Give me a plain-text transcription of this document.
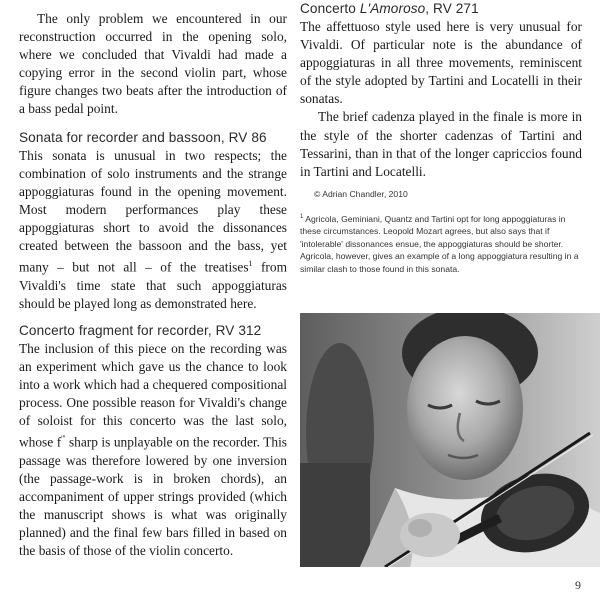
The only problem we encountered in our reconstruction occurred in the opening solo, where we concluded that Vivaldi had made a copying error in the second violin part, whose figure changes two beats after the introduction of a bass pedal point.

Sonata for recorder and bassoon, RV 86

This sonata is unusual in two respects; the combination of solo instruments and the strange appoggiaturas found in the opening movement. Most modern performances play these appoggiaturas short to avoid the dissonances created between the bassoon and the bass, yet many – but not all – of the treatises$^1$ from Vivaldi's time state that such appoggiaturas should be played long as demonstrated here.

Concerto fragment for recorder, RV 312

The inclusion of this piece on the recording was an experiment which gave us the chance to look into a work which had a chequered compositional process. One possible reason for Vivaldi's change of soloist for this concerto was the last solo, whose f''' sharp is unplayable on the recorder. This passage was therefore lowered by one inversion (the passage-work is in broken chords), an accompaniment of upper strings provided (which the manuscript shows is what was originally planned) and the final few bars filled in based on the basis of those of the violin concerto.

Concerto L'Amoroso, RV 271

The affettuoso style used here is very unusual for Vivaldi. Of particular note is the abundance of appoggiaturas in all three movements, reminiscent of the style adopted by Tartini and Locatelli in their sonatas.

The brief cadenza played in the finale is more in the style of the shorter cadenzas of Tartini and Tessarini, than in that of the longer capriccios found in Tartini and Locatelli.

© Adrian Chandler, 2010
$^1$ Agricola, Geminiani, Quantz and Tartini opt for long appoggiaturas in these circumstances. Leopold Mozart agrees, but also says that if 'intolerable' dissonances ensue, the appoggiaturas should be shorter. Agricola, however, gives an example of a long appoggiatura resulting in a similar clash to those found in this sonata.
9
